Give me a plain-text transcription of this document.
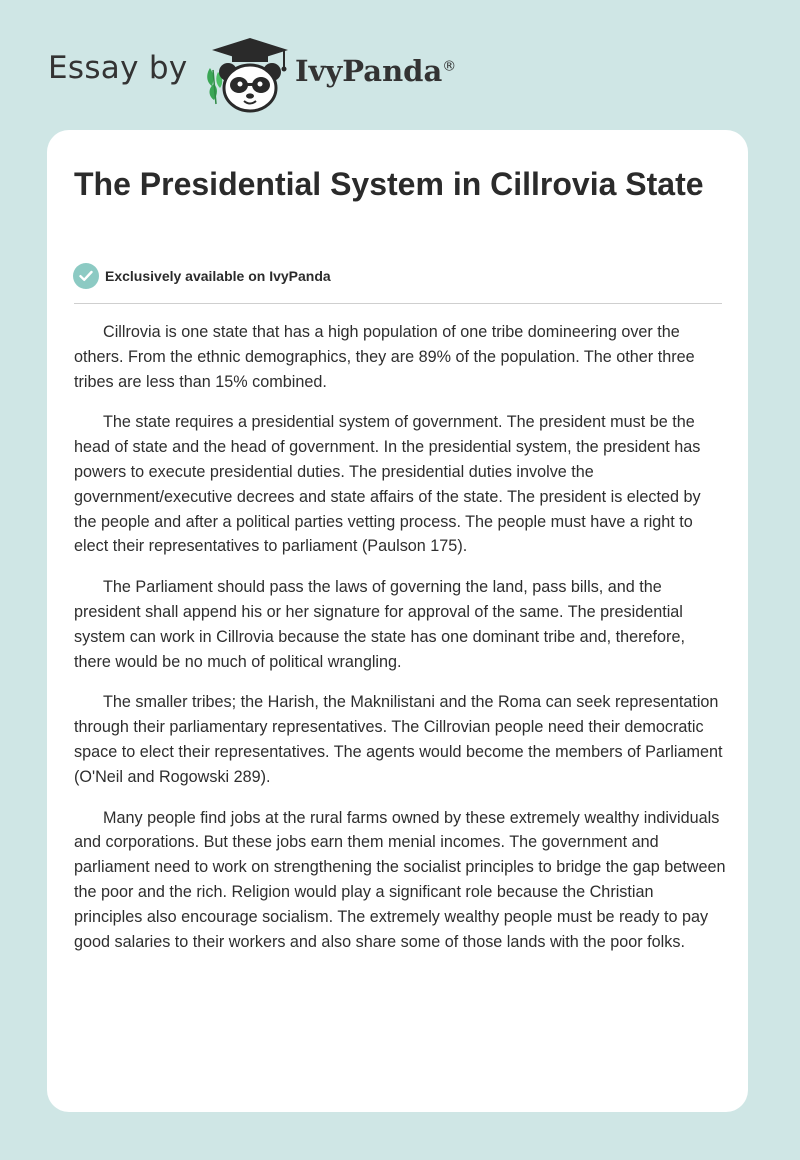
Essay by	IvyPanda®
The Presidential System in Cillrovia State
Exclusively available on IvyPanda

Cillrovia is one state that has a high population of one tribe domineering over the others. From the ethnic demographics, they are 89% of the population. The other three tribes are less than 15% combined.

The state requires a presidential system of government. The president must be the head of state and the head of government. In the presidential system, the president has powers to execute presidential duties. The presidential duties involve the government/executive decrees and state affairs of the state. The president is elected by the people and after a political parties vetting process. The people must have a right to elect their representatives to parliament (Paulson 175).

The Parliament should pass the laws of governing the land, pass bills, and the president shall append his or her signature for approval of the same. The presidential system can work in Cillrovia because the state has one dominant tribe and, therefore, there would be no much of political wrangling.

The smaller tribes; the Harish, the Maknilistani and the Roma can seek representation through their parliamentary representatives. The Cillrovian people need their democratic space to elect their representatives. The agents would become the members of Parliament (O'Neil and Rogowski 289).

Many people find jobs at the rural farms owned by these extremely wealthy individuals and corporations. But these jobs earn them menial incomes. The government and parliament need to work on strengthening the socialist principles to bridge the gap between the poor and the rich. Religion would play a significant role because the Christian principles also encourage socialism. The extremely wealthy people must be ready to pay good salaries to their workers and also share some of those lands with the poor folks.
